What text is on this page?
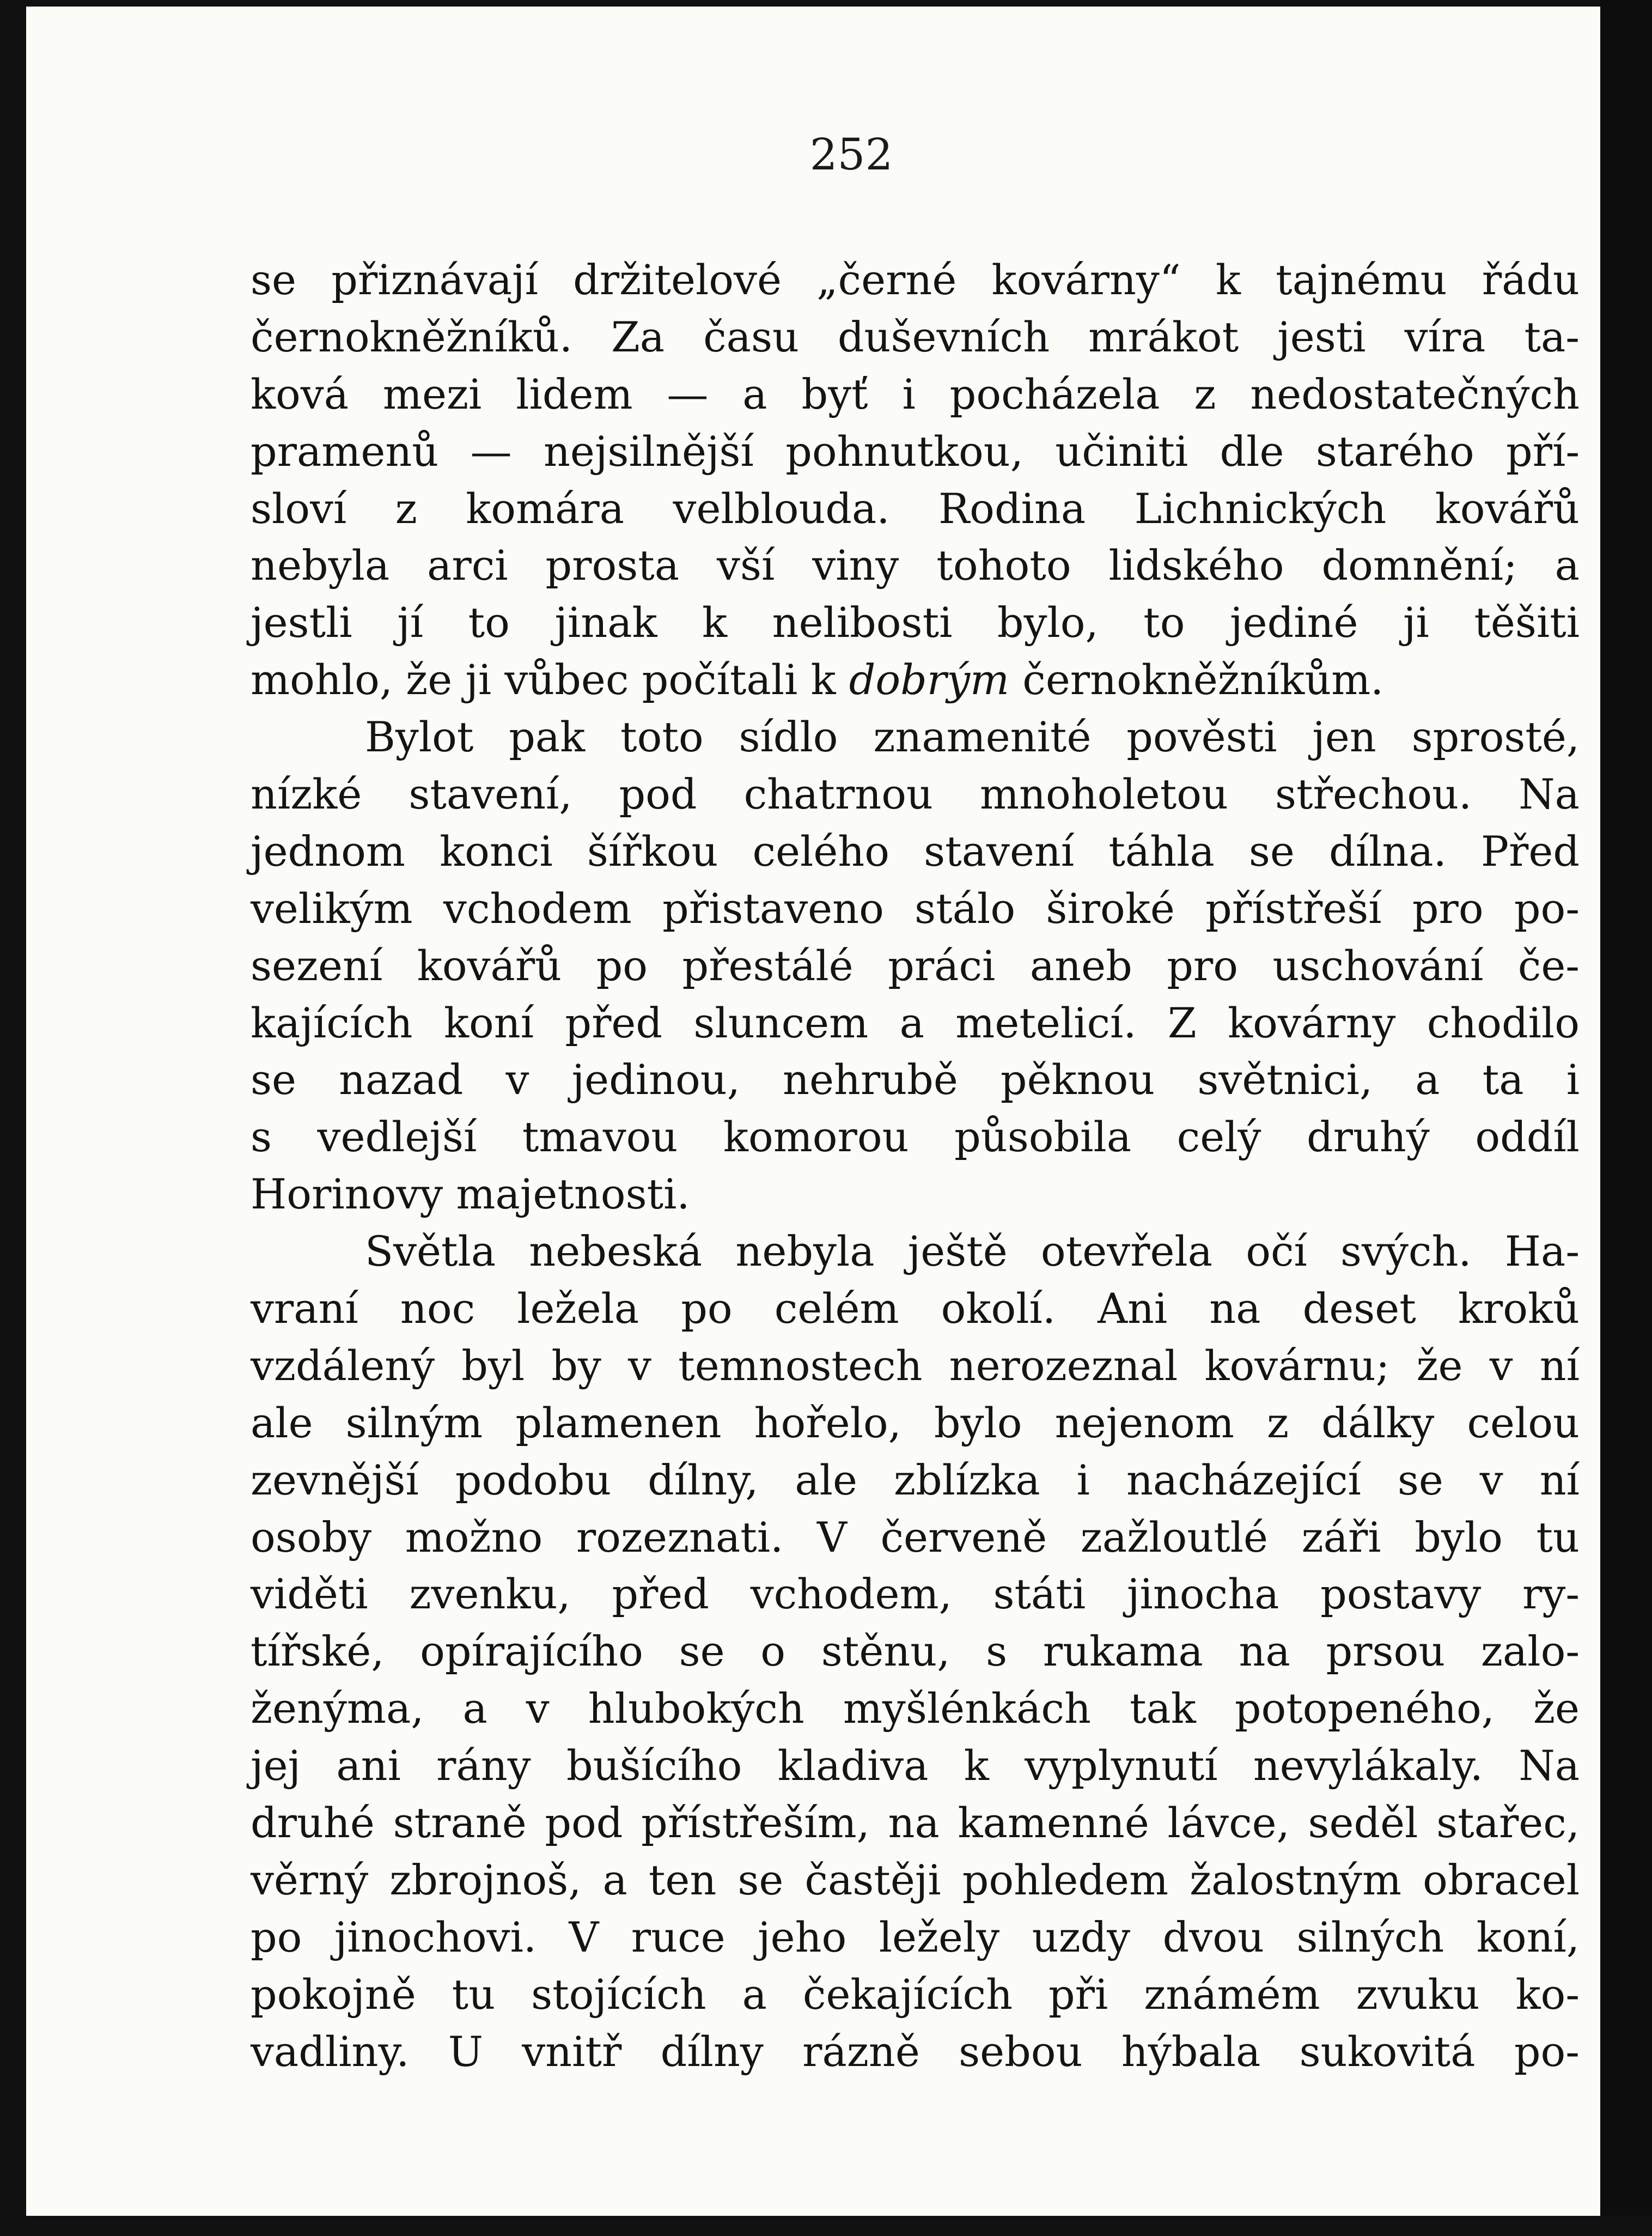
252
se přiznávají držitelové „černé kovárny“ k tajnému řádu
černokněžníků. Za času duševních mrákot jesti víra ta-
ková mezi lidem — a byť i pocházela z nedostatečných
pramenů — nejsilnější pohnutkou, učiniti dle starého pří-
sloví z komára velblouda. Rodina Lichnických kovářů
nebyla arci prosta vší viny tohoto lidského domnění; a
jestli jí to jinak k nelibosti bylo, to jediné ji těšiti
mohlo, že ji vůbec počítali k dobrým černokněžníkům.
Bylot pak toto sídlo znamenité pověsti jen sprosté,
nízké stavení, pod chatrnou mnoholetou střechou. Na
jednom konci šířkou celého stavení táhla se dílna. Před
velikým vchodem přistaveno stálo široké přístřeší pro po-
sezení kovářů po přestálé práci aneb pro uschování če-
kajících koní před sluncem a metelicí. Z kovárny chodilo
se nazad v jedinou, nehrubě pěknou světnici, a ta i
s vedlejší tmavou komorou působila celý druhý oddíl
Horinovy majetnosti.
Světla nebeská nebyla ještě otevřela očí svých. Ha-
vraní noc ležela po celém okolí. Ani na deset kroků
vzdálený byl by v temnostech nerozeznal kovárnu; že v ní
ale silným plamenen hořelo, bylo nejenom z dálky celou
zevnější podobu dílny, ale zblízka i nacházející se v ní
osoby možno rozeznati. V červeně zažloutlé záři bylo tu
viděti zvenku, před vchodem, státi jinocha postavy ry-
tířské, opírajícího se o stěnu, s rukama na prsou zalo-
ženýma, a v hlubokých myšlénkách tak potopeného, že
jej ani rány bušícího kladiva k vyplynutí nevylákaly. Na
druhé straně pod přístřeším, na kamenné lávce, seděl stařec,
věrný zbrojnoš, a ten se častěji pohledem žalostným obracel
po jinochovi. V ruce jeho ležely uzdy dvou silných koní,
pokojně tu stojících a čekajících při známém zvuku ko-
vadliny. U vnitř dílny rázně sebou hýbala sukovitá po-
